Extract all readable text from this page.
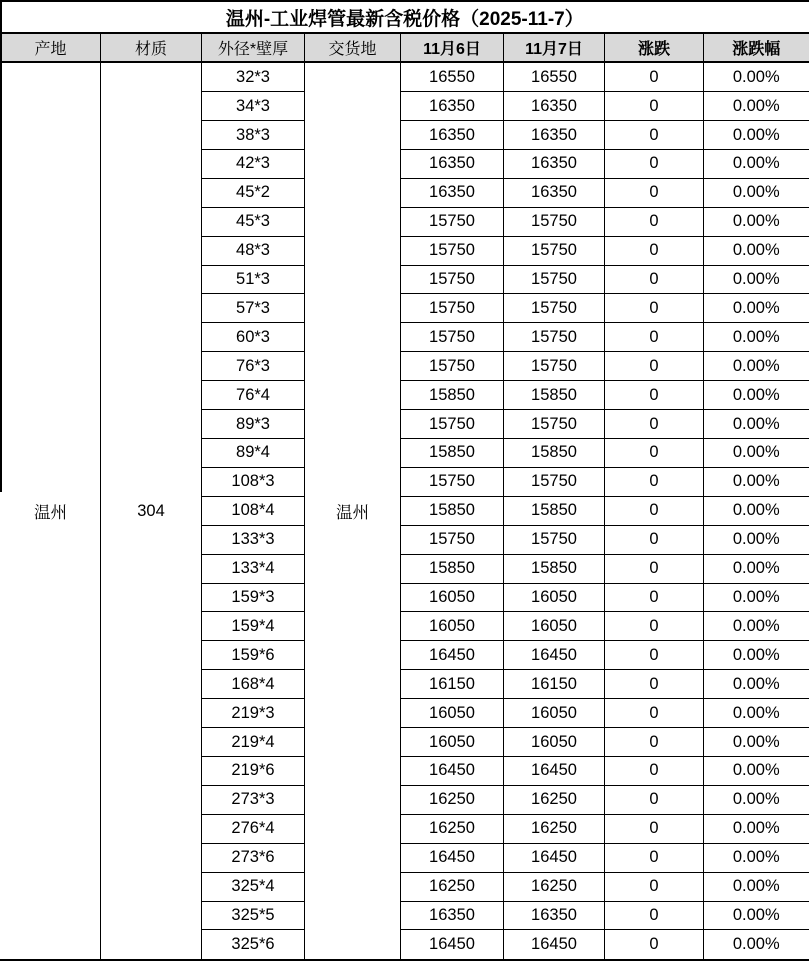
温州-工业焊管最新含税价格（2025-11-7）							
产地	材质	外径*壁厚	交货地	11月6日	11月7日	涨跌	涨跌幅
温州	304	32*3	温州	16550	16550	0	0.00%
		34*3		16350	16350	0	0.00%
		38*3		16350	16350	0	0.00%
		42*3		16350	16350	0	0.00%
		45*2		16350	16350	0	0.00%
		45*3		15750	15750	0	0.00%
		48*3		15750	15750	0	0.00%
		51*3		15750	15750	0	0.00%
		57*3		15750	15750	0	0.00%
		60*3		15750	15750	0	0.00%
		76*3		15750	15750	0	0.00%
		76*4		15850	15850	0	0.00%
		89*3		15750	15750	0	0.00%
		89*4		15850	15850	0	0.00%
		108*3		15750	15750	0	0.00%
		108*4		15850	15850	0	0.00%
		133*3		15750	15750	0	0.00%
		133*4		15850	15850	0	0.00%
		159*3		16050	16050	0	0.00%
		159*4		16050	16050	0	0.00%
		159*6		16450	16450	0	0.00%
		168*4		16150	16150	0	0.00%
		219*3		16050	16050	0	0.00%
		219*4		16050	16050	0	0.00%
		219*6		16450	16450	0	0.00%
		273*3		16250	16250	0	0.00%
		276*4		16250	16250	0	0.00%
		273*6		16450	16450	0	0.00%
		325*4		16250	16250	0	0.00%
		325*5		16350	16350	0	0.00%
		325*6		16450	16450	0	0.00%
